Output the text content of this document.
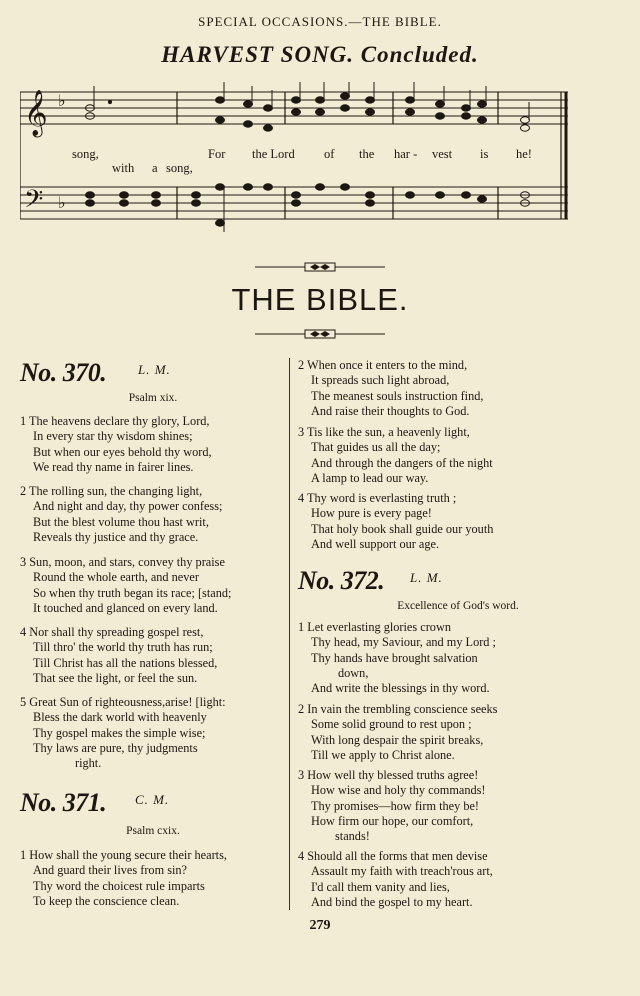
SPECIAL OCCASIONS.—THE BIBLE.
HARVEST SONG. Concluded.
𝄞
𝄢
♭
♭
song,	For the Lord of the har - vest is he!
with a song,
THE BIBLE.
No. 370. L. M.
Psalm xix.
1 The heavens declare thy glory, Lord,
In every star thy wisdom shines;
But when our eyes behold thy word,
We read thy name in fairer lines.
2 The rolling sun, the changing light,
And night and day, thy power confess;
But the blest volume thou hast writ,
Reveals thy justice and thy grace.
3 Sun, moon, and stars, convey thy praise
Round the whole earth, and never
So when thy truth began its race; [stand;
It touched and glanced on every land.
4 Nor shall thy spreading gospel rest,
Till thro' the world thy truth has run;
Till Christ has all the nations blessed,
That see the light, or feel the sun.
5 Great Sun of righteousness,arise! [light:
Bless the dark world with heavenly
Thy gospel makes the simple wise;
Thy laws are pure, thy judgments
right.
No. 371. C. M.
Psalm cxix.
1 How shall the young secure their hearts,
And guard their lives from sin?
Thy word the choicest rule imparts
To keep the conscience clean.
2 When once it enters to the mind,
It spreads such light abroad,
The meanest souls instruction find,
And raise their thoughts to God.
3 Tis like the sun, a heavenly light,
That guides us all the day;
And through the dangers of the night
A lamp to lead our way.
4 Thy word is everlasting truth ;
How pure is every page!
That holy book shall guide our youth
And well support our age.
No. 372. L. M.
Excellence of God's word.
1 Let everlasting glories crown
Thy head, my Saviour, and my Lord ;
Thy hands have brought salvation
down,
And write the blessings in thy word.
2 In vain the trembling conscience seeks
Some solid ground to rest upon ;
With long despair the spirit breaks,
Till we apply to Christ alone.
3 How well thy blessed truths agree!
How wise and holy thy commands!
Thy promises—how firm they be!
How firm our hope, our comfort,
stands!
4 Should all the forms that men devise
Assault my faith with treach'rous art,
I'd call them vanity and lies,
And bind the gospel to my heart.
279
